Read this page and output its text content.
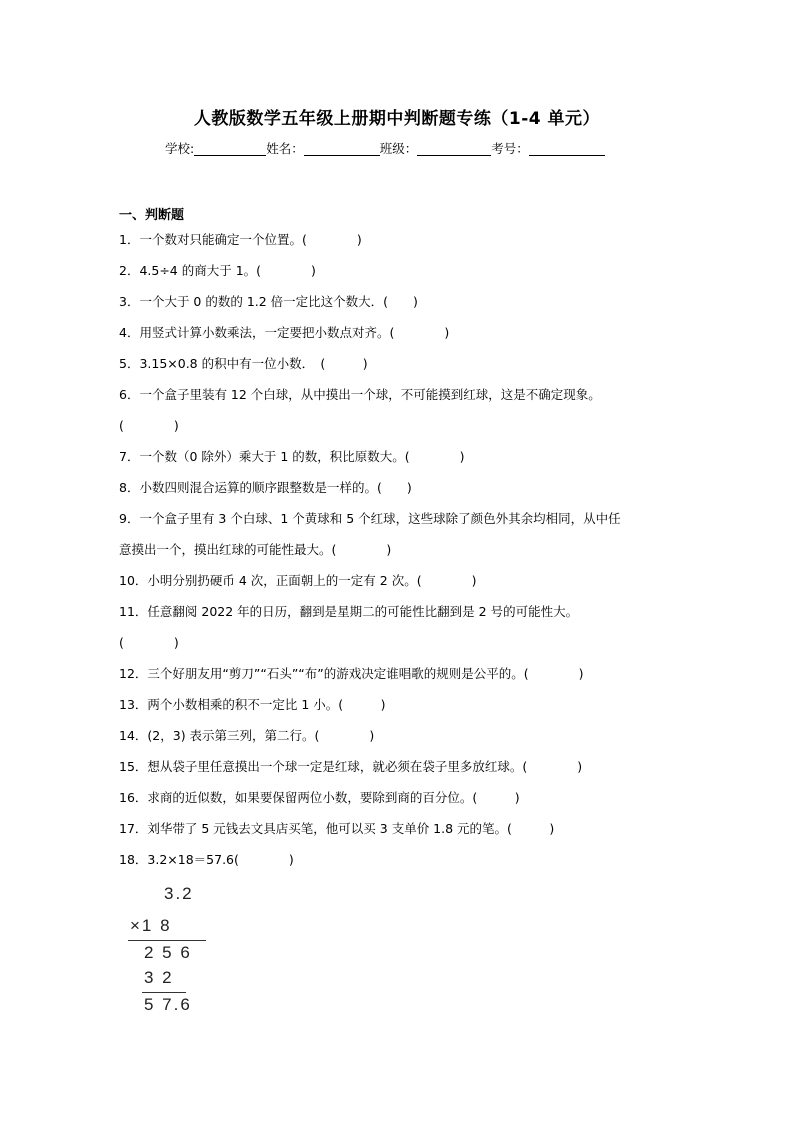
人教版数学五年级上册期中判断题专练（1-4 单元）
学校:	姓名：	班级：	考号：
一、判断题
1．一个数对只能确定一个位置。(　　　　)
2．4.5÷4 的商大于 1。(　　　　)
3．一个大于 0 的数的 1.2 倍一定比这个数大．(　　)
4．用竖式计算小数乘法，一定要把小数点对齐。(　　　　)
5．3.15×0.8 的积中有一位小数．　(　　　)
6．一个盒子里装有 12 个白球，从中摸出一个球，不可能摸到红球，这是不确定现象。
(　　　　)
7．一个数（0 除外）乘大于 1 的数，积比原数大。(　　　　)
8．小数四则混合运算的顺序跟整数是一样的。(　　)
9．一个盒子里有 3 个白球、1 个黄球和 5 个红球，这些球除了颜色外其余均相同，从中任
意摸出一个，摸出红球的可能性最大。(　　　　)
10．小明分别扔硬币 4 次，正面朝上的一定有 2 次。(　　　　)
11．任意翻阅 2022 年的日历，翻到是星期二的可能性比翻到是 2 号的可能性大。
(　　　　)
12．三个好朋友用“剪刀”“石头”“布”的游戏决定谁唱歌的规则是公平的。(　　　　)
13．两个小数相乘的积不一定比 1 小。(　　　)
14．(2，3) 表示第三列，第二行。(　　　　)
15．想从袋子里任意摸出一个球一定是红球，就必须在袋子里多放红球。(　　　　)
16．求商的近似数，如果要保留两位小数，要除到商的百分位。(　　　)
17．刘华带了 5 元钱去文具店买笔，他可以买 3 支单价 1.8 元的笔。(　　　)
18．3.2×18＝57.6(　　　　)
3.2
×1 8
2 5 6
3 2
5 7.6
